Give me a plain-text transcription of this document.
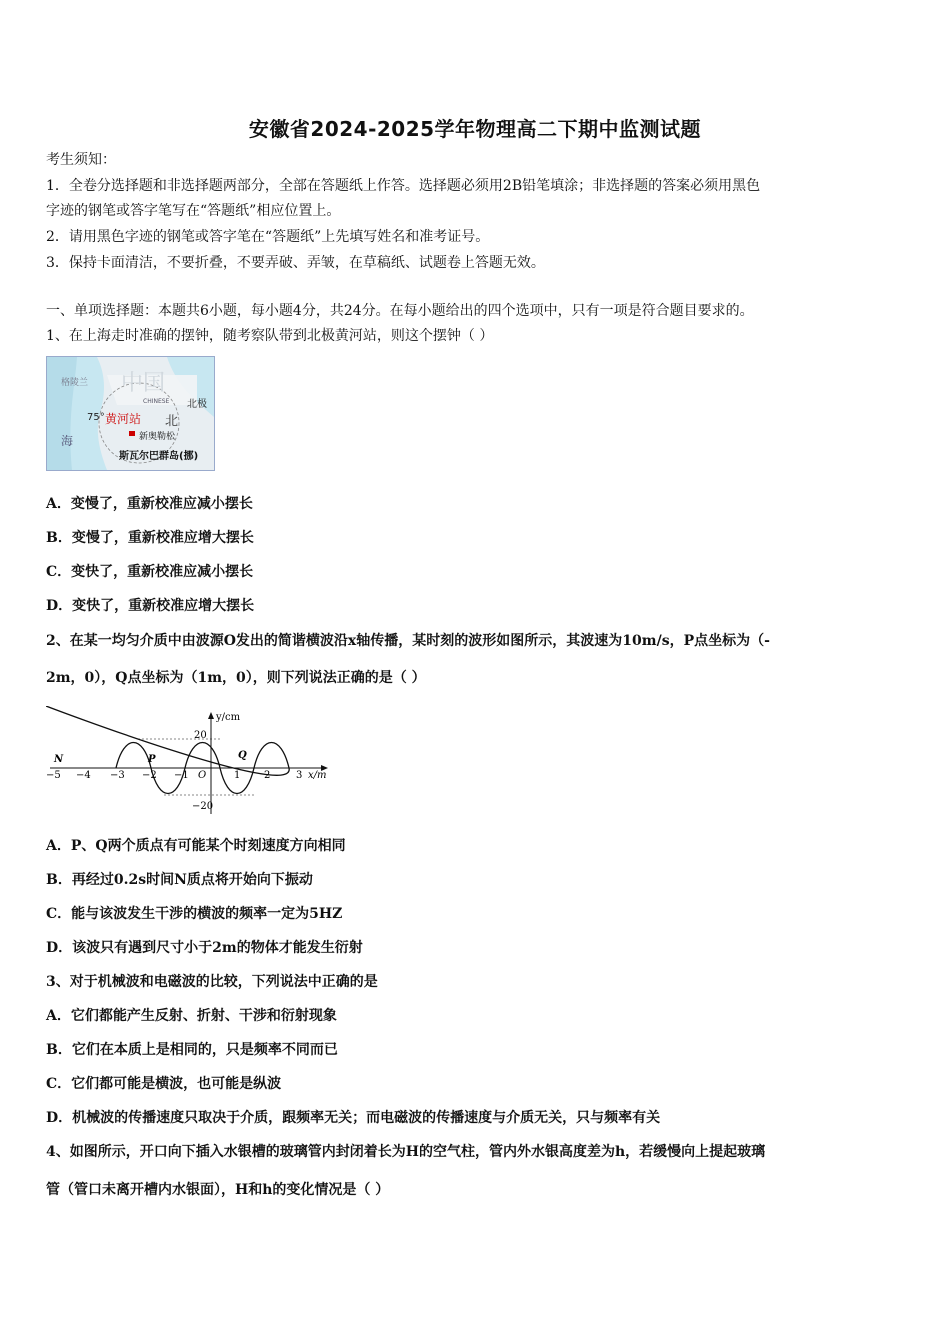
安徽省2024-2025学年物理高二下期中监测试题
考生须知：
1．全卷分选择题和非选择题两部分，全部在答题纸上作答。选择题必须用2B铅笔填涂；非选择题的答案必须用黑色
字迹的钢笔或答字笔写在“答题纸”相应位置上。
2．请用黑色字迹的钢笔或答字笔在“答题纸”上先填写姓名和准考证号。
3．保持卡面清洁，不要折叠，不要弄破、弄皱，在草稿纸、试题卷上答题无效。
一、单项选择题：本题共6小题，每小题4分，共24分。在每小题给出的四个选项中，只有一项是符合题目要求的。
1、在上海走时准确的摆钟，随考察队带到北极黄河站，则这个摆钟（ ）
中国
CHINESE 北极
格陵兰
75° 黄河站 北
海	新奥勒松
斯瓦尔巴群岛(挪)
A．变慢了，重新校准应减小摆长
B．变慢了，重新校准应增大摆长
C．变快了，重新校准应减小摆长
D．变快了，重新校准应增大摆长
2、在某一均匀介质中由波源O发出的简谐横波沿x轴传播，某时刻的波形如图所示，其波速为10m/s，P点坐标为（-
2m，0），Q点坐标为（1m，0），则下列说法正确的是（ ）
y/cm
x/m
20
−20
N	P	Q
−5 −4 −3 −2 −1 O	1 2	3
A．P、Q两个质点有可能某个时刻速度方向相同
B．再经过0.2s时间N质点将开始向下振动
C．能与该波发生干涉的横波的频率一定为5HZ
D．该波只有遇到尺寸小于2m的物体才能发生衍射
3、对于机械波和电磁波的比较，下列说法中正确的是
A．它们都能产生反射、折射、干涉和衍射现象
B．它们在本质上是相同的，只是频率不同而已
C．它们都可能是横波，也可能是纵波
D．机械波的传播速度只取决于介质，跟频率无关；而电磁波的传播速度与介质无关，只与频率有关
4、如图所示，开口向下插入水银槽的玻璃管内封闭着长为H的空气柱，管内外水银高度差为h，若缓慢向上提起玻璃
管（管口未离开槽内水银面），H和h的变化情况是（ ）
